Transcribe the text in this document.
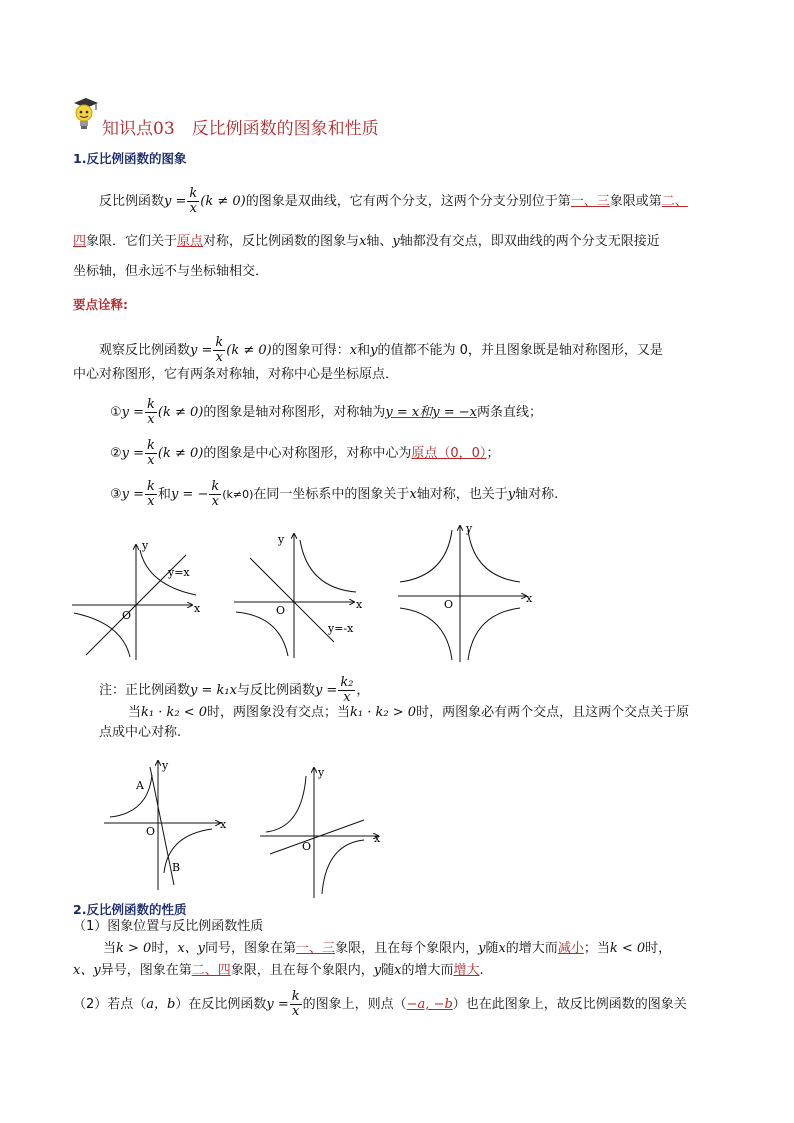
知识点03　反比例函数的图象和性质
1.反比例函数的图象
反比例函数$y = \frac{k}{x} (k \ne 0)$的图象是双曲线，它有两个分支，这两个分支分别位于第一、三象限或第二、
四象限．它们关于原点对称，反比例函数的图象与x轴、y轴都没有交点，即双曲线的两个分支无限接近
坐标轴，但永远不与坐标轴相交．
要点诠释:
观察反比例函数$y = \frac{k}{x} (k \ne 0)$的图象可得：x和y的值都不能为 0，并且图象既是轴对称图形，又是
中心对称图形，它有两条对称轴，对称中心是坐标原点．
①y = $\frac{k}{x} (k \ne 0)$的图象是轴对称图形，对称轴为y = x和y = −x两条直线；
②y = $\frac{k}{x} (k \ne 0)$的图象是中心对称图形，对称中心为原点（0，0）；
③y = $\frac{k}{x}$ 和y = − $\frac{k}{x} (k\ne 0)$在同一坐标系中的图象关于x轴对称，也关于y轴对称.
y
x
O
y=x
y
x
O
y=-x
y
x
O
注：正比例函数y = k₁x与反比例函数$y = \frac{\text{k₂}}{x}$ ，
当k₁ · k₂ < 0时，两图象没有交点；当k₁ · k₂ > 0时，两图象必有两个交点，且这两个交点关于原
点成中心对称.
y
x
O
A
B
y
x
O
2.反比例函数的性质
（1）图象位置与反比例函数性质
当k > 0时，x、y同号，图象在第一、三象限，且在每个象限内，y随x的增大而减小；当k < 0时，
x、y异号，图象在第二、四象限，且在每个象限内，y随x的增大而增大.
（2）若点（a，b）在反比例函数$y = \frac{k}{x}$ 的图象上，则点（−a, −b）也在此图象上，故反比例函数的图象关
